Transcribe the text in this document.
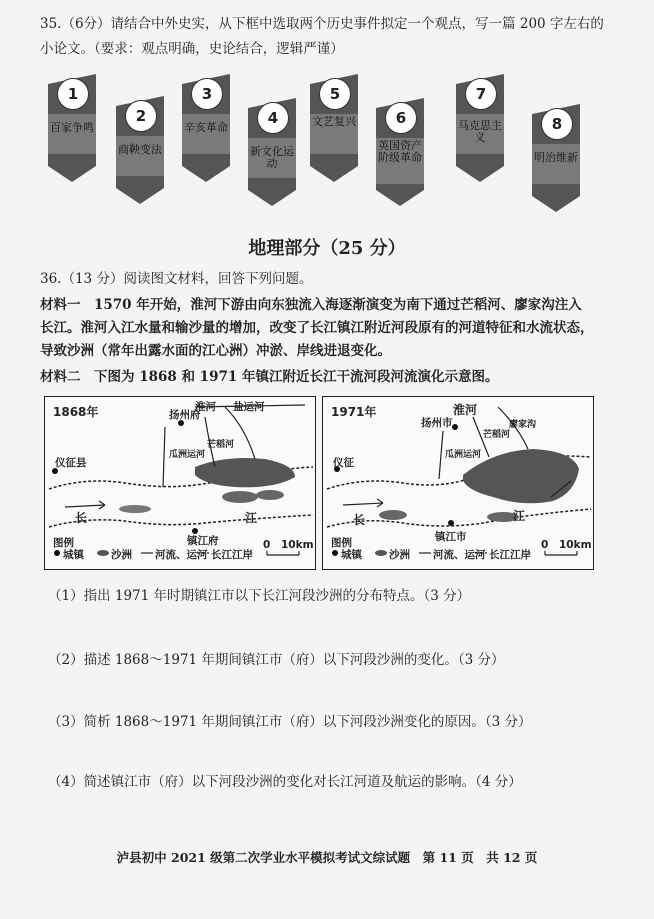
35.（6分）请结合中外史实，从下框中选取两个历史事件拟定一个观点，写一篇 200 字左右的
小论文。（要求：观点明确，史论结合，逻辑严谨）
1
百家争鸣
2
商鞅变法
3
辛亥革命
4
新文化运动
5
文艺复兴	6
英国资产阶级革命
7
马克思主义
8
明治维新
地理部分（25 分）
36.（13 分）阅读图文材料，回答下列问题。
材料一　1570 年开始，淮河下游由向东独流入海逐渐演变为南下通过芒稻河、廖家沟注入
长江。淮河入江水量和输沙量的增加，改变了长江镇江附近河段原有的河道特征和水流状态，
导致沙洲（常年出露水面的江心洲）冲淤、岸线进退变化。
材料二　下图为 1868 和 1971 年镇江附近长江干流河段河流演化示意图。
1868年	淮河
扬州府
盐运河
仪征县
瓜洲运河
芒稻河
镇江府
长	江
图例
城镇	沙洲 河流、运河 长江江岸
0 10km
1971年	淮河
扬州市
仪征
芒稻河
瓜洲运河
廖家沟
镇江市
长	江
图例
城镇	沙洲 河流、运河 长江江岸
0 10km
（1）指出 1971 年时期镇江市以下长江河段沙洲的分布特点。（3 分）
（2）描述 1868～1971 年期间镇江市（府）以下河段沙洲的变化。（3 分）
（3）简析 1868～1971 年期间镇江市（府）以下河段沙洲变化的原因。（3 分）
（4）简述镇江市（府）以下河段沙洲的变化对长江河道及航运的影响。（4 分）
泸县初中 2021 级第二次学业水平模拟考试文综试题　第 11 页　共 12 页
